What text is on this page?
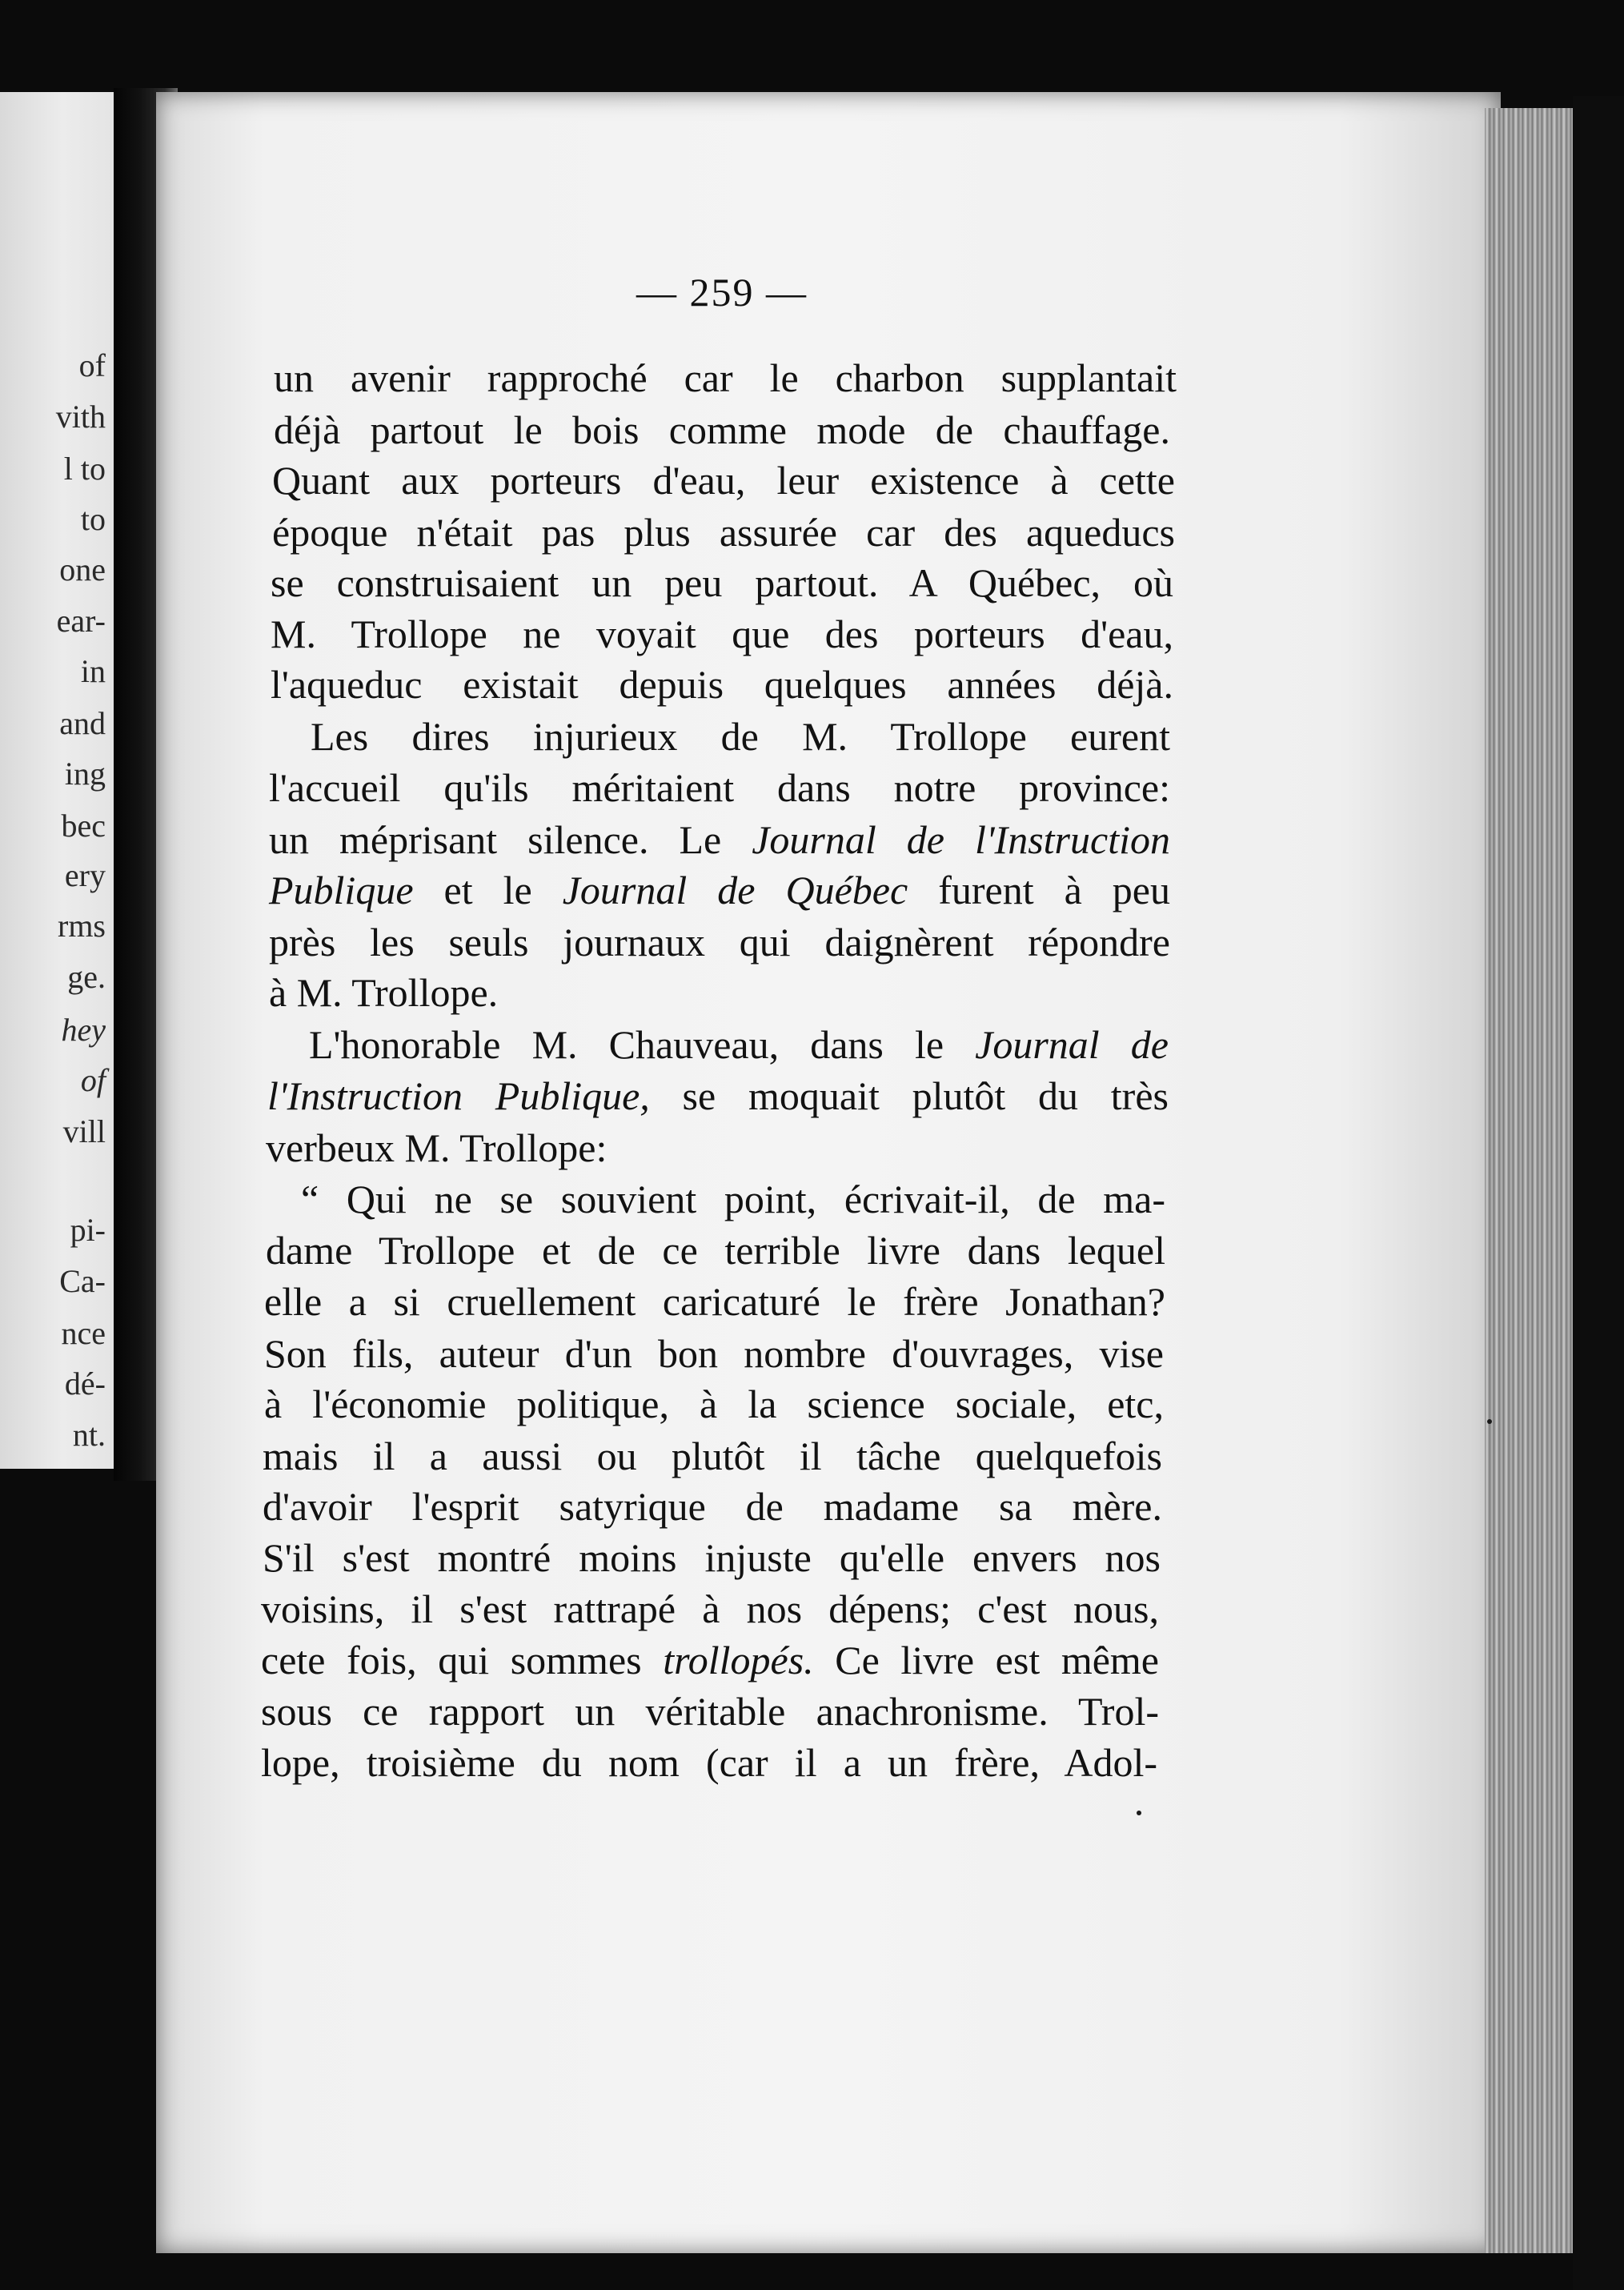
of

vith

l to

to

one

ear-

in

and

ing

bec

ery

rms

ge.

hey

of

vill

pi-

Ca-

nce

dé-

nt.

— 259 —

un avenir rapproché car le charbon supplantait

déjà partout le bois comme mode de chauffage.

Quant aux porteurs d'eau, leur existence à cette

époque n'était pas plus assurée car des aqueducs

se construisaient un peu partout. A Québec, où

M. Trollope ne voyait que des porteurs d'eau,

l'aqueduc existait depuis quelques années déjà.

Les dires injurieux de M. Trollope eurent

l'accueil qu'ils méritaient dans notre province:

un méprisant silence. Le Journal de l'Instruction

Publique et le Journal de Québec furent à peu

près les seuls journaux qui daignèrent répondre

à M. Trollope.

L'honorable M. Chauveau, dans le Journal de

l'Instruction Publique, se moquait plutôt du très

verbeux M. Trollope:

“ Qui ne se souvient point, écrivait-il, de ma-

dame Trollope et de ce terrible livre dans lequel

elle a si cruellement caricaturé le frère Jonathan?

Son fils, auteur d'un bon nombre d'ouvrages, vise

à l'économie politique, à la science sociale, etc,

mais il a aussi ou plutôt il tâche quelquefois

d'avoir l'esprit satyrique de madame sa mère.

S'il s'est montré moins injuste qu'elle envers nos

voisins, il s'est rattrapé à nos dépens; c'est nous,

cete fois, qui sommes trollopés. Ce livre est même

sous ce rapport un véritable anachronisme. Trol-

lope, troisième du nom (car il a un frère, Adol-
